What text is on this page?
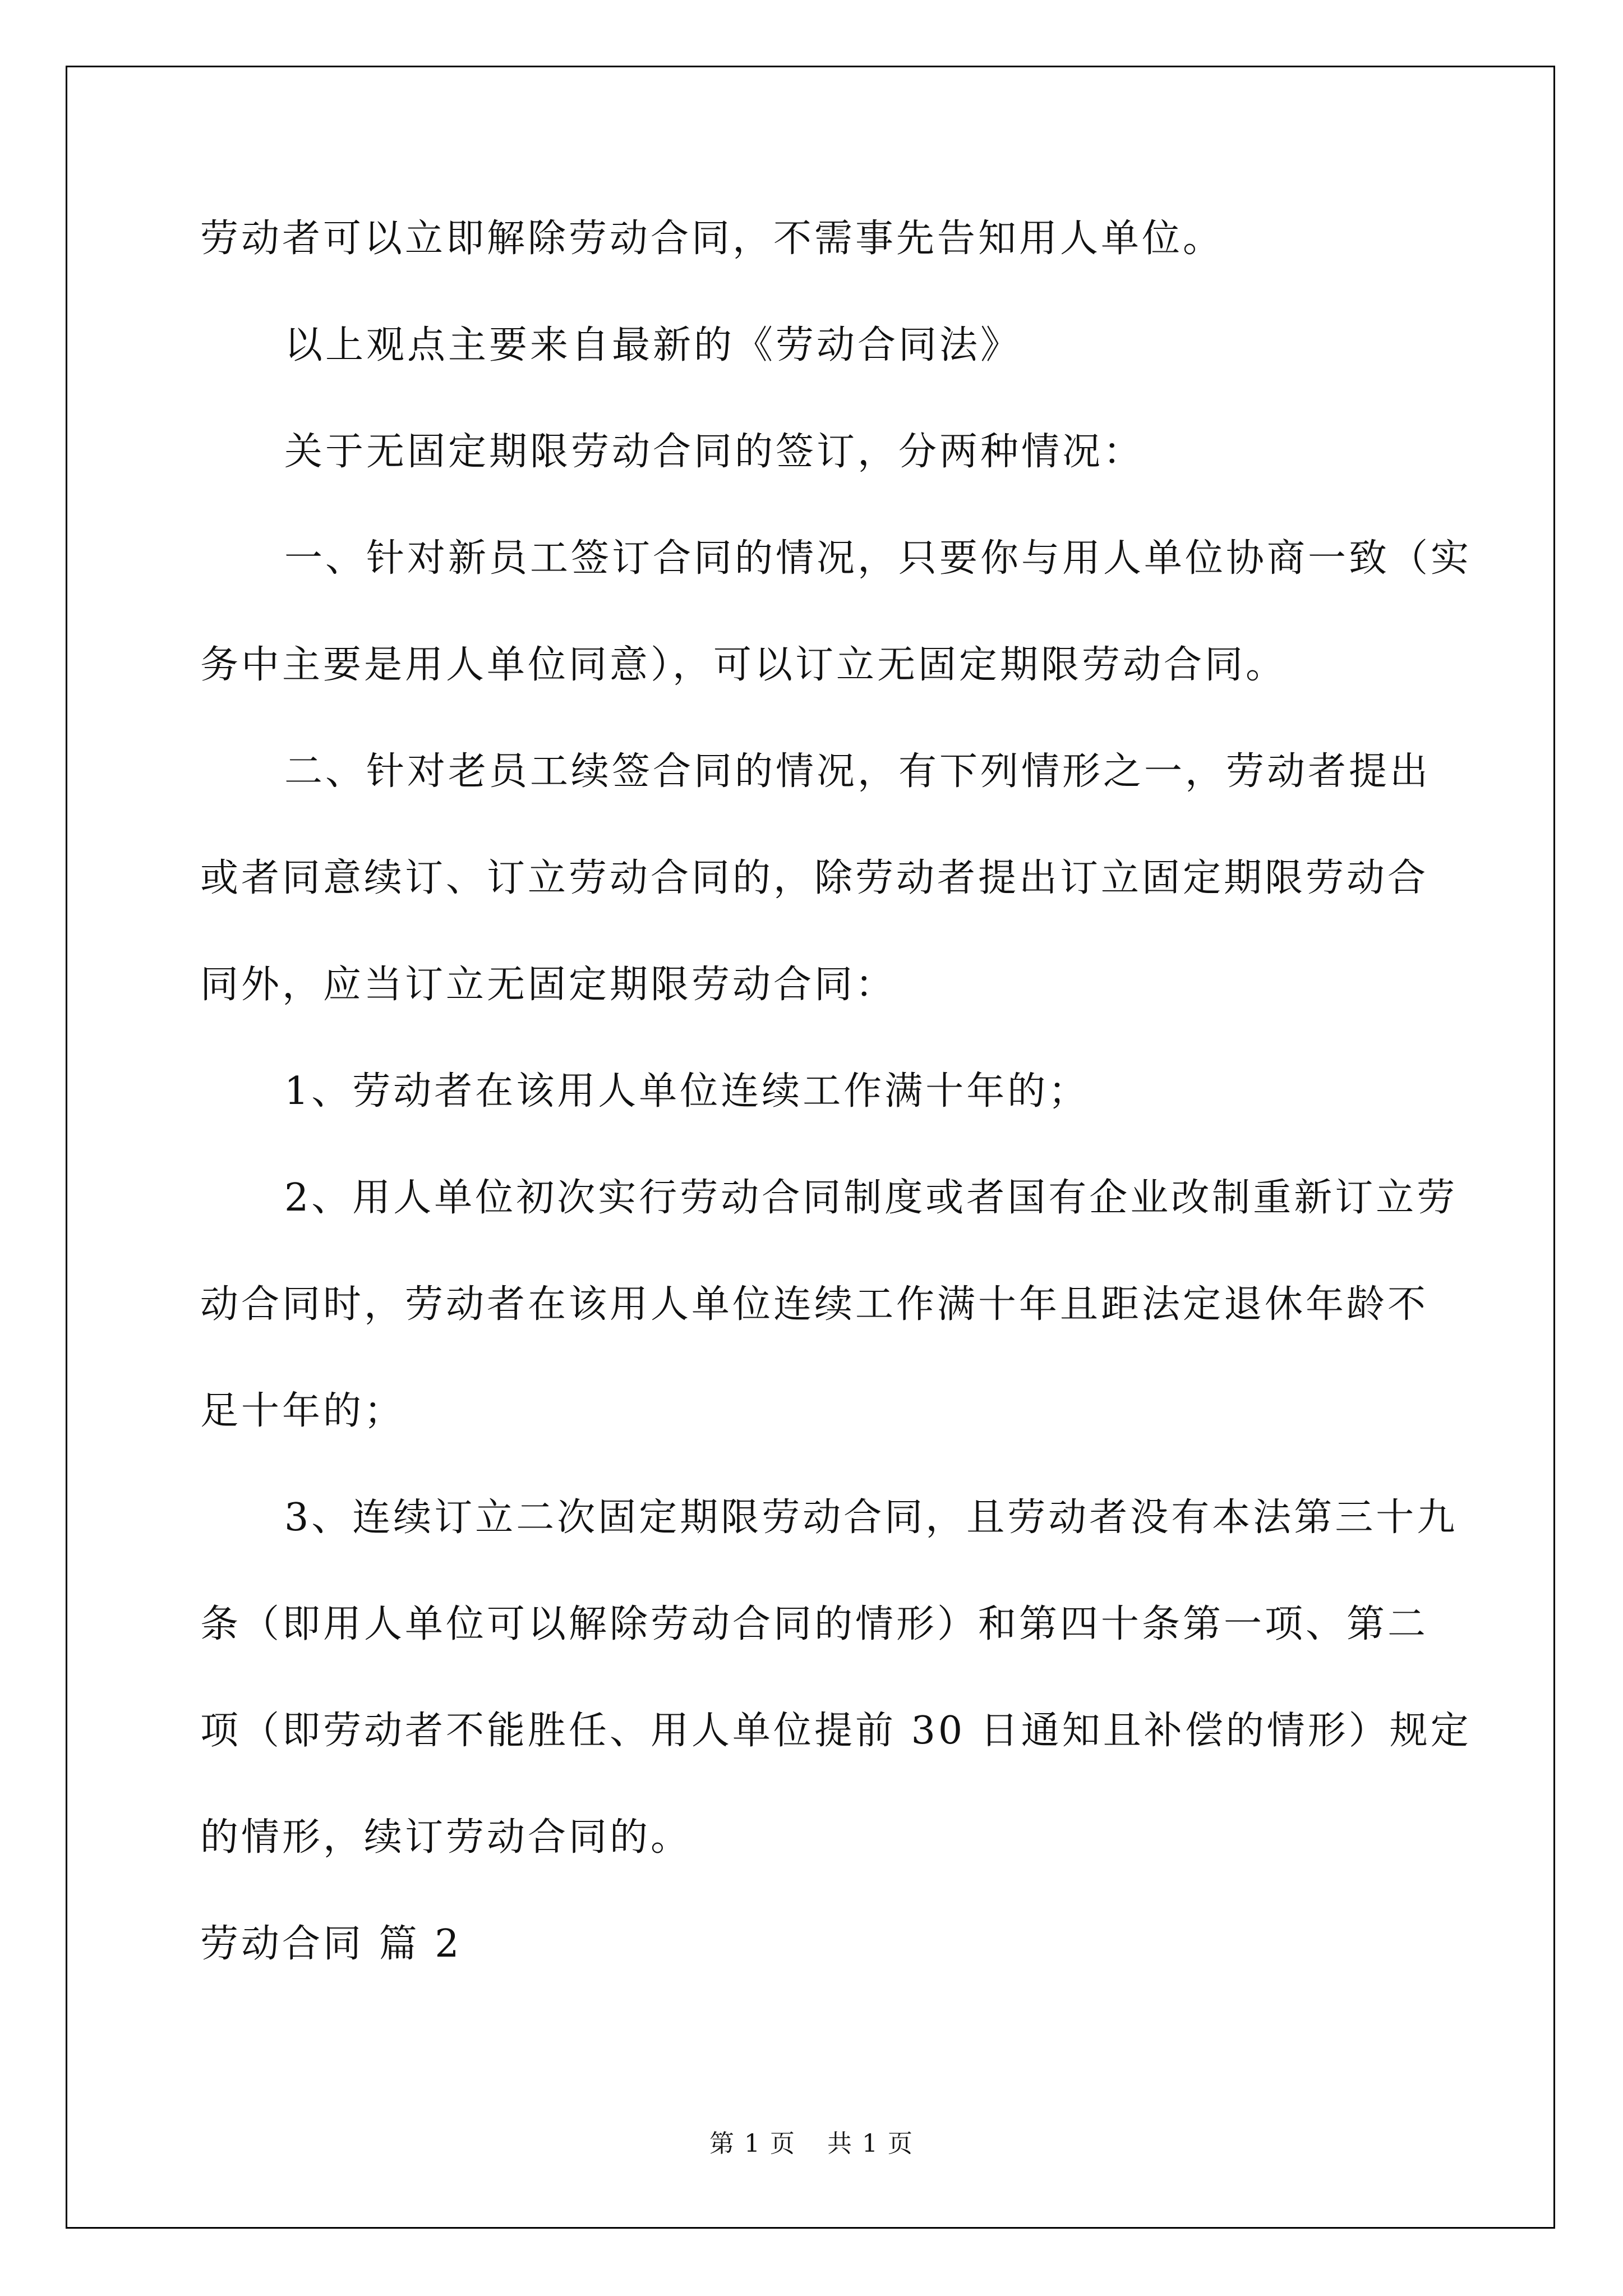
劳动者可以立即解除劳动合同，不需事先告知用人单位。
以上观点主要来自最新的《劳动合同法》
关于无固定期限劳动合同的签订，分两种情况：
一、针对新员工签订合同的情况，只要你与用人单位协商一致（实
务中主要是用人单位同意），可以订立无固定期限劳动合同。
二、针对老员工续签合同的情况，有下列情形之一，劳动者提出
或者同意续订、订立劳动合同的，除劳动者提出订立固定期限劳动合
同外，应当订立无固定期限劳动合同：
1、劳动者在该用人单位连续工作满十年的；
2、用人单位初次实行劳动合同制度或者国有企业改制重新订立劳
动合同时，劳动者在该用人单位连续工作满十年且距法定退休年龄不
足十年的；
3、连续订立二次固定期限劳动合同，且劳动者没有本法第三十九
条（即用人单位可以解除劳动合同的情形）和第四十条第一项、第二
项（即劳动者不能胜任、用人单位提前 30 日通知且补偿的情形）规定
的情形，续订劳动合同的。
劳动合同 篇 2
第 1 页 共 1 页
